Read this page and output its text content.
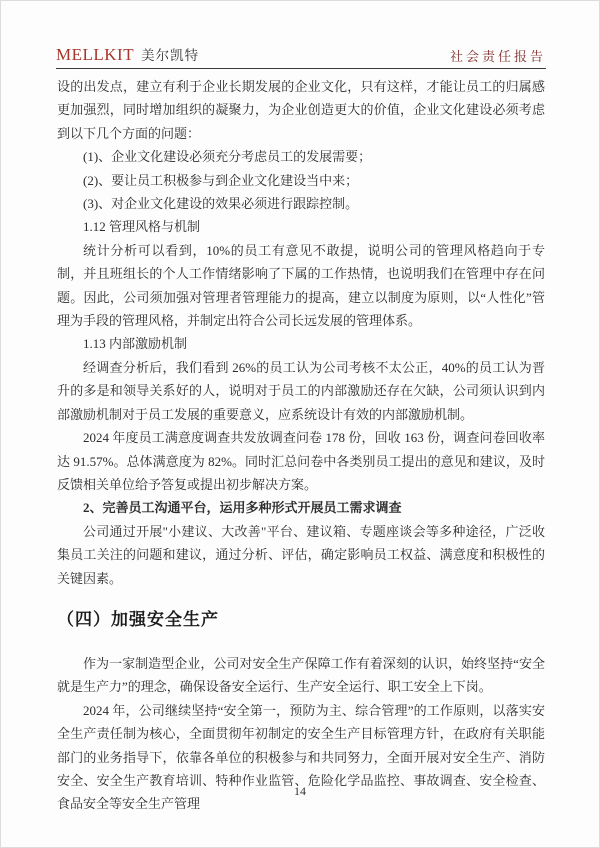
MELLKIT 美尔凯特	社会责任报告

设的出发点，建立有利于企业长期发展的企业文化，只有这样，才能让员工的归属感更加强烈，同时增加组织的凝聚力，为企业创造更大的价值，企业文化建设必须考虑到以下几个方面的问题：

(1)、企业文化建设必须充分考虑员工的发展需要；

(2)、要让员工积极参与到企业文化建设当中来；

(3)、对企业文化建设的效果必须进行跟踪控制。

1.12 管理风格与机制

统计分析可以看到，10%的员工有意见不敢提，说明公司的管理风格趋向于专制，并且班组长的个人工作情绪影响了下属的工作热情，也说明我们在管理中存在问题。因此，公司须加强对管理者管理能力的提高，建立以制度为原则，以“人性化”管理为手段的管理风格，并制定出符合公司长远发展的管理体系。

1.13 内部激励机制

经调查分析后，我们看到 26%的员工认为公司考核不太公正，40%的员工认为晋升的多是和领导关系好的人，说明对于员工的内部激励还存在欠缺，公司须认识到内部激励机制对于员工发展的重要意义，应系统设计有效的内部激励机制。

2024 年度员工满意度调查共发放调查问卷 178 份，回收 163 份，调查问卷回收率达 91.57%。总体满意度为 82%。同时汇总问卷中各类别员工提出的意见和建议，及时反馈相关单位给予答复或提出初步解决方案。

2、完善员工沟通平台，运用多种形式开展员工需求调查

公司通过开展"小建议、大改善"平台、建议箱、专题座谈会等多种途径，广泛收集员工关注的问题和建议，通过分析、评估，确定影响员工权益、满意度和积极性的关键因素。

（四）加强安全生产

作为一家制造型企业，公司对安全生产保障工作有着深刻的认识，始终坚持“安全就是生产力”的理念，确保设备安全运行、生产安全运行、职工安全上下岗。

2024 年，公司继续坚持“安全第一，预防为主、综合管理”的工作原则，以落实安全生产责任制为核心，全面贯彻年初制定的安全生产目标管理方针，在政府有关职能部门的业务指导下，依靠各单位的积极参与和共同努力，全面开展对安全生产、消防安全、安全生产教育培训、特种作业监管、危险化学品监控、事故调查、安全检查、食品安全等安全生产管理

14
